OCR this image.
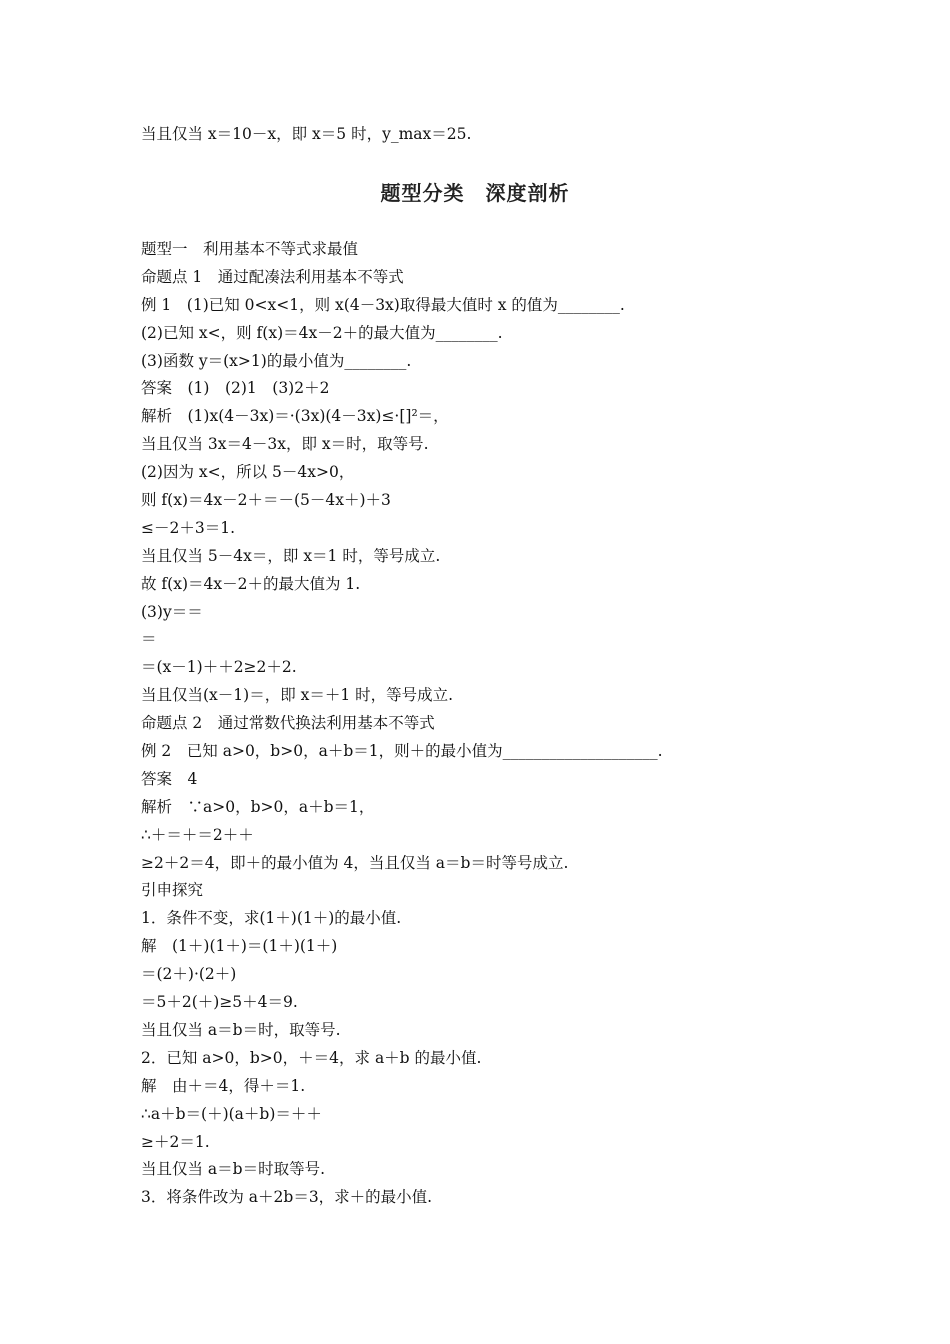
当且仅当 x＝10－x，即 x＝5 时，y_max＝25.
题型分类　深度剖析
题型一　利用基本不等式求最值
命题点 1　通过配凑法利用基本不等式
例 1　(1)已知 0<x<1，则 x(4－3x)取得最大值时 x 的值为________.
(2)已知 x<，则 f(x)＝4x－2＋的最大值为________.
(3)函数 y＝(x>1)的最小值为________.
答案　(1)　(2)1　(3)2＋2
解析　(1)x(4－3x)＝·(3x)(4－3x)≤·[]²＝，
当且仅当 3x＝4－3x，即 x＝时，取等号.
(2)因为 x<，所以 5－4x>0，
则 f(x)＝4x－2＋＝－(5－4x＋)＋3
≤－2＋3＝1.
当且仅当 5－4x＝，即 x＝1 时，等号成立.
故 f(x)＝4x－2＋的最大值为 1.
(3)y＝＝
＝
＝(x－1)＋＋2≥2＋2.
当且仅当(x－1)＝，即 x＝＋1 时，等号成立.
命题点 2　通过常数代换法利用基本不等式
例 2　已知 a>0，b>0，a＋b＝1，则＋的最小值为____________________.
答案　4
解析　∵a>0，b>0，a＋b＝1，
∴＋＝＋＝2＋＋
≥2＋2＝4，即＋的最小值为 4，当且仅当 a＝b＝时等号成立.
引申探究
1．条件不变，求(1＋)(1＋)的最小值.
解　(1＋)(1＋)＝(1＋)(1＋)
＝(2＋)·(2＋)
＝5＋2(＋)≥5＋4＝9.
当且仅当 a＝b＝时，取等号.
2．已知 a>0，b>0，＋＝4，求 a＋b 的最小值.
解　由＋＝4，得＋＝1.
∴a＋b＝(＋)(a＋b)＝＋＋
≥＋2＝1.
当且仅当 a＝b＝时取等号.
3．将条件改为 a＋2b＝3，求＋的最小值.
